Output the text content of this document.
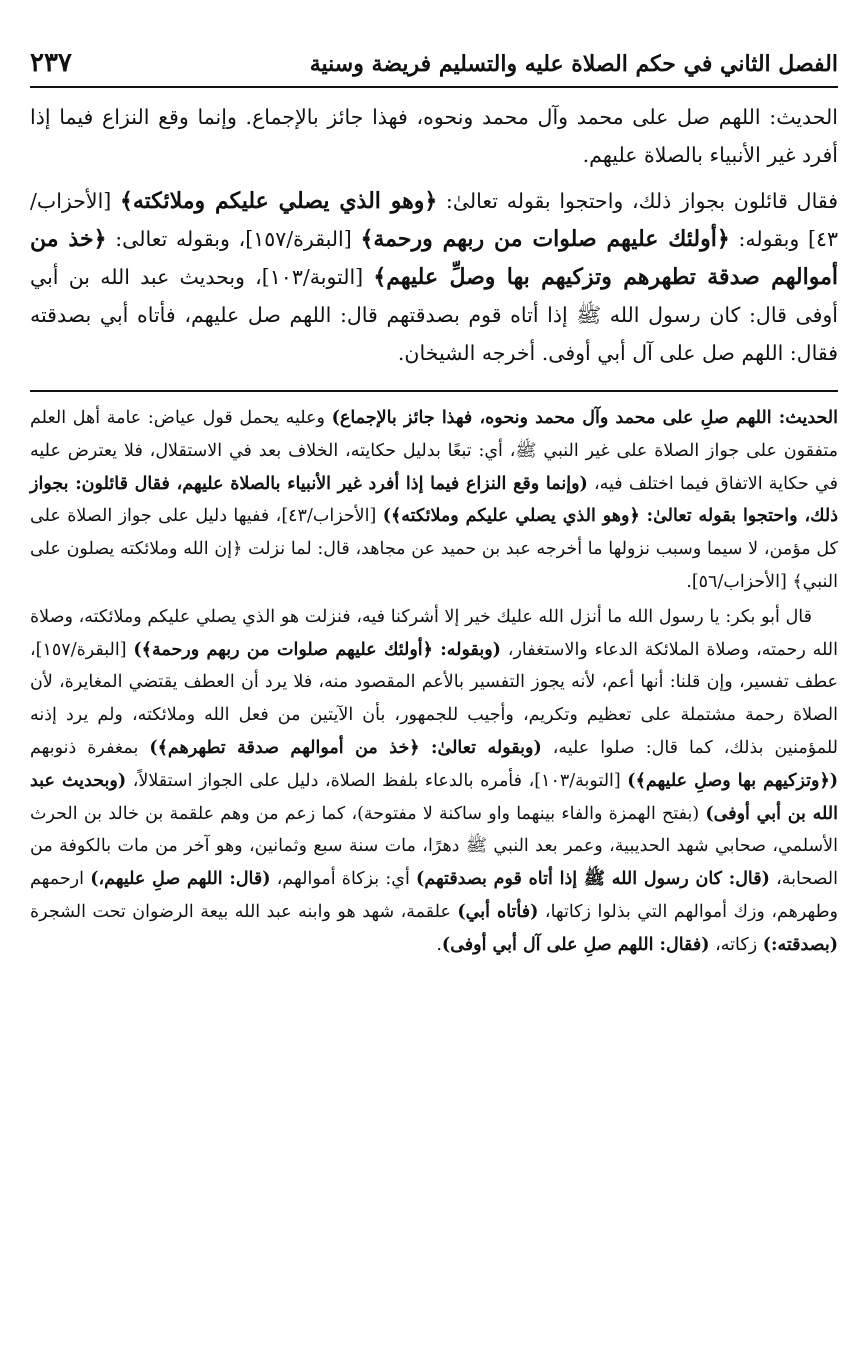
الفصل الثاني في حكم الصلاة عليه والتسليم فريضة وسنية
٢٣٧

الحديث: اللهم صل على محمد وآل محمد ونحوه، فهذا جائز بالإجماع. وإنما وقع النزاع فيما إذا أفرد غير الأنبياء بالصلاة عليهم.

فقال قائلون بجواز ذلك، واحتجوا بقوله تعالىٰ: ﴿وهو الذي يصلي عليكم وملائكته﴾ [الأحزاب/٤٣] وبقوله: ﴿أولئك عليهم صلوات من ربهم ورحمة﴾ [البقرة/١٥٧]، وبقوله تعالى: ﴿خذ من أموالهم صدقة تطهرهم وتزكيهم بها وصلِّ عليهم﴾ [التوبة/١٠٣]، وبحديث عبد الله بن أبي أوفى قال: كان رسول الله ﷺ إذا أتاه قوم بصدقتهم قال: اللهم صل عليهم، فأتاه أبي بصدقته فقال: اللهم صل على آل أبي أوفى. أخرجه الشيخان.

الحديث: اللهم صلِ على محمد وآل محمد ونحوه، فهذا جائز بالإجماع) وعليه يحمل قول عياض: عامة أهل العلم متفقون على جواز الصلاة على غير النبي ﷺ، أي: تبعًا بدليل حكايته، الخلاف بعد في الاستقلال، فلا يعترض عليه في حكاية الاتفاق فيما اختلف فيه، (وإنما وقع النزاع فيما إذا أفرد غير الأنبياء بالصلاة عليهم، فقال قائلون: بجواز ذلك، واحتجوا بقوله تعالىٰ: ﴿وهو الذي يصلي عليكم وملائكته﴾) [الأحزاب/٤٣]، ففيها دليل على جواز الصلاة على كل مؤمن، لا سيما وسبب نزولها ما أخرجه عبد بن حميد عن مجاهد، قال: لما نزلت ﴿إن الله وملائكته يصلون على النبي﴾ [الأحزاب/٥٦].

قال أبو بكر: يا رسول الله ما أنزل الله عليك خير إلا أشركنا فيه، فنزلت هو الذي يصلي عليكم وملائكته، وصلاة الله رحمته، وصلاة الملائكة الدعاء والاستغفار، (وبقوله: ﴿أولئك عليهم صلوات من ربهم ورحمة﴾) [البقرة/١٥٧]، عطف تفسير، وإن قلنا: أنها أعم، لأنه يجوز التفسير بالأعم المقصود منه، فلا يرد أن العطف يقتضي المغايرة، لأن الصلاة رحمة مشتملة على تعظيم وتكريم، وأجيب للجمهور، بأن الآيتين من فعل الله وملائكته، ولم يرد إذنه للمؤمنين بذلك، كما قال: صلوا عليه، (وبقوله تعالىٰ: ﴿خذ من أموالهم صدقة تطهرهم﴾) بمغفرة ذنوبهم (﴿وتزكيهم بها وصلِ عليهم﴾) [التوبة/١٠٣]، فأمره بالدعاء بلفظ الصلاة، دليل على الجواز استقلالاً، (وبحديث عبد الله بن أبي أوفى) (بفتح الهمزة والفاء بينهما واو ساكنة لا مفتوحة)، كما زعم من وهم علقمة بن خالد بن الحرث الأسلمي، صحابي شهد الحديبية، وعمر بعد النبي ﷺ دهرًا، مات سنة سبع وثمانين، وهو آخر من مات بالكوفة من الصحابة، (قال: كان رسول الله ﷺ إذا أتاه قوم بصدقتهم) أي: بزكاة أموالهم، (قال: اللهم صلِ عليهم،) ارحمهم وطهرهم، وزك أموالهم التي بذلوا زكاتها، (فأتاه أبي) علقمة، شهد هو وابنه عبد الله بيعة الرضوان تحت الشجرة (بصدقته:) زكاته، (فقال: اللهم صلِ على آل أبي أوفى).
